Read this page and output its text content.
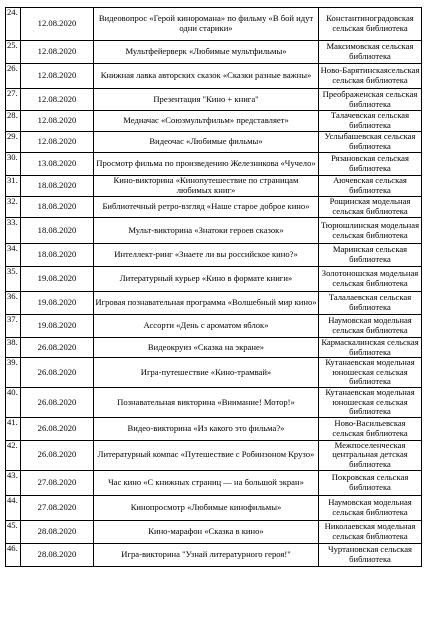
24.	12.08.2020	Видеовопрос «Герой кинoромана» по фильму «В бой идут одни старики»	Константиноградовская сельская библиотека
25.	12.08.2020	Мультфейерверк «Любимые мультфильмы»	Максимовская сельская библиотека
26.	12.08.2020	Книжная лавка авторских сказок «Сказки разные важны»	Ново-Барятинскаясельская сельская библиотека
27.	12.08.2020	Презентация "Кино + книга"	Преображенская сельская библиотека
28.	12.08.2020	Медиачас «Союзмультфильм» представляет»	Талачевская сельская библиотека
29.	12.08.2020	Видеочас «Любимые фильмы»	Услыбашевская сельская библиотека
30.	13.08.2020	Просмотр фильма по произведению Железникова «Чучело»	Рязановская сельская библиотека
31.	18.08.2020	Кино-викторина «Кинопутешествие по страницам любимых книг»	Аючевская сельская библиотека
32.	18.08.2020	Библиотечный ретро-взгляд «Наше старое доброе кино»	Рощинская модельная сельская библиотека
33.	18.08.2020	Мульт-викторина «Знатоки героев сказок»	Тюрюшлинская модельная сельская библиотека
34.	18.08.2020	Интеллект-ринг «Знаете ли вы российское кино?»	Маринская сельская библиотека
35.	19.08.2020	Литературный курьер «Кино в формате книги»	Золотоношская модельная сельская библиотека
36.	19.08.2020	Игровая познавательная программа «Волшебный мир кино»	Талалаевская сельская библиотека
37.	19.08.2020	Ассорти «День с ароматом яблок»	Наумовская модельная сельская библиотека
38.	26.08.2020	Видеокруиз «Сказка на экране»	Кармаскалинская сельская библиотека
39.	26.08.2020	Игра-путешествие «Кино-трамвай»	Кутанаевская модельная юношеская сельская библиотека
40.	26.08.2020	Познавательная викторина «Внимание! Мотор!»	Кутанаевская модельная юношеская сельская библиотека
41.	26.08.2020	Видео-викторина «Из какого это фильма?»	Ново-Васильевская сельская библиотека
42.	26.08.2020	Литературный компас «Путешествие с Робинзоном Крузо»	Межпоселенческая центральная детская библиотека
43.	27.08.2020	Час кино «С книжных страниц — на большой экран»	Покровская сельская библиотека
44.	27.08.2020	Кинопросмотр «Любимые кинофильмы»	Наумовская модельная сельская библиотека
45.	28.08.2020	Кино-марафон «Сказка в кино»	Николаевская модельная сельская библиотека
46.	28.08.2020	Игра-викторина "Узнай литературного героя!"	Чуртановская сельская библиотека
